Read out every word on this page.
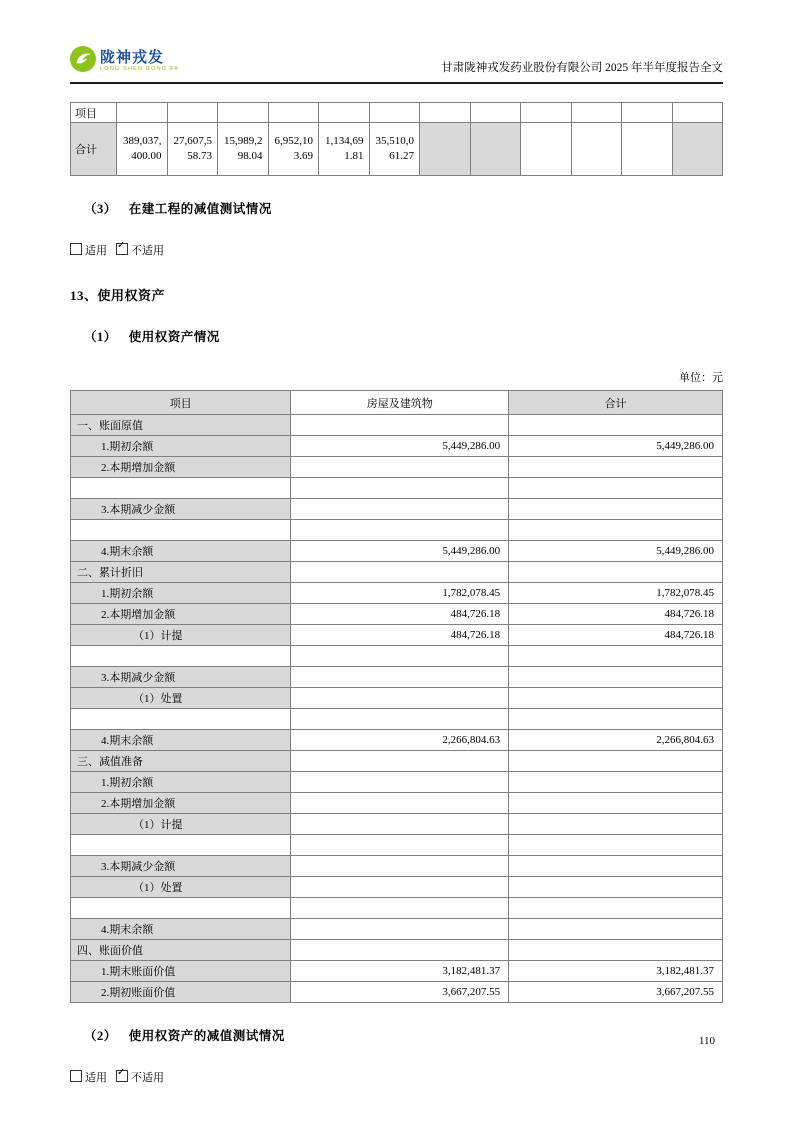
陇神戎发
LONG SHEN RONG FA	甘肃陇神戎发药业股份有限公司 2025 年半年度报告全文
项目												
合计	389,037,400.00	27,607,558.73	15,989,298.04	6,952,103.69	1,134,691.81	35,510,061.27						
（3） 在建工程的减值测试情况
适用 ✓ 不适用
13、使用权资产
（1） 使用权资产情况
单位：元
项目	房屋及建筑物	合计
一、账面原值		
1.期初余额	5,449,286.00	5,449,286.00
2.本期增加金额		

3.本期减少金额		

4.期末余额	5,449,286.00	5,449,286.00
二、累计折旧		
1.期初余额	1,782,078.45	1,782,078.45
2.本期增加金额	484,726.18	484,726.18
（1）计提	484,726.18	484,726.18

3.本期减少金额		
（1）处置		

4.期末余额	2,266,804.63	2,266,804.63
三、减值准备		
1.期初余额		
2.本期增加金额		
（1）计提		

3.本期减少金额		
（1）处置		

4.期末余额		
四、账面价值		
1.期末账面价值	3,182,481.37	3,182,481.37
2.期初账面价值	3,667,207.55	3,667,207.55
（2） 使用权资产的减值测试情况
适用 ✓ 不适用
110
